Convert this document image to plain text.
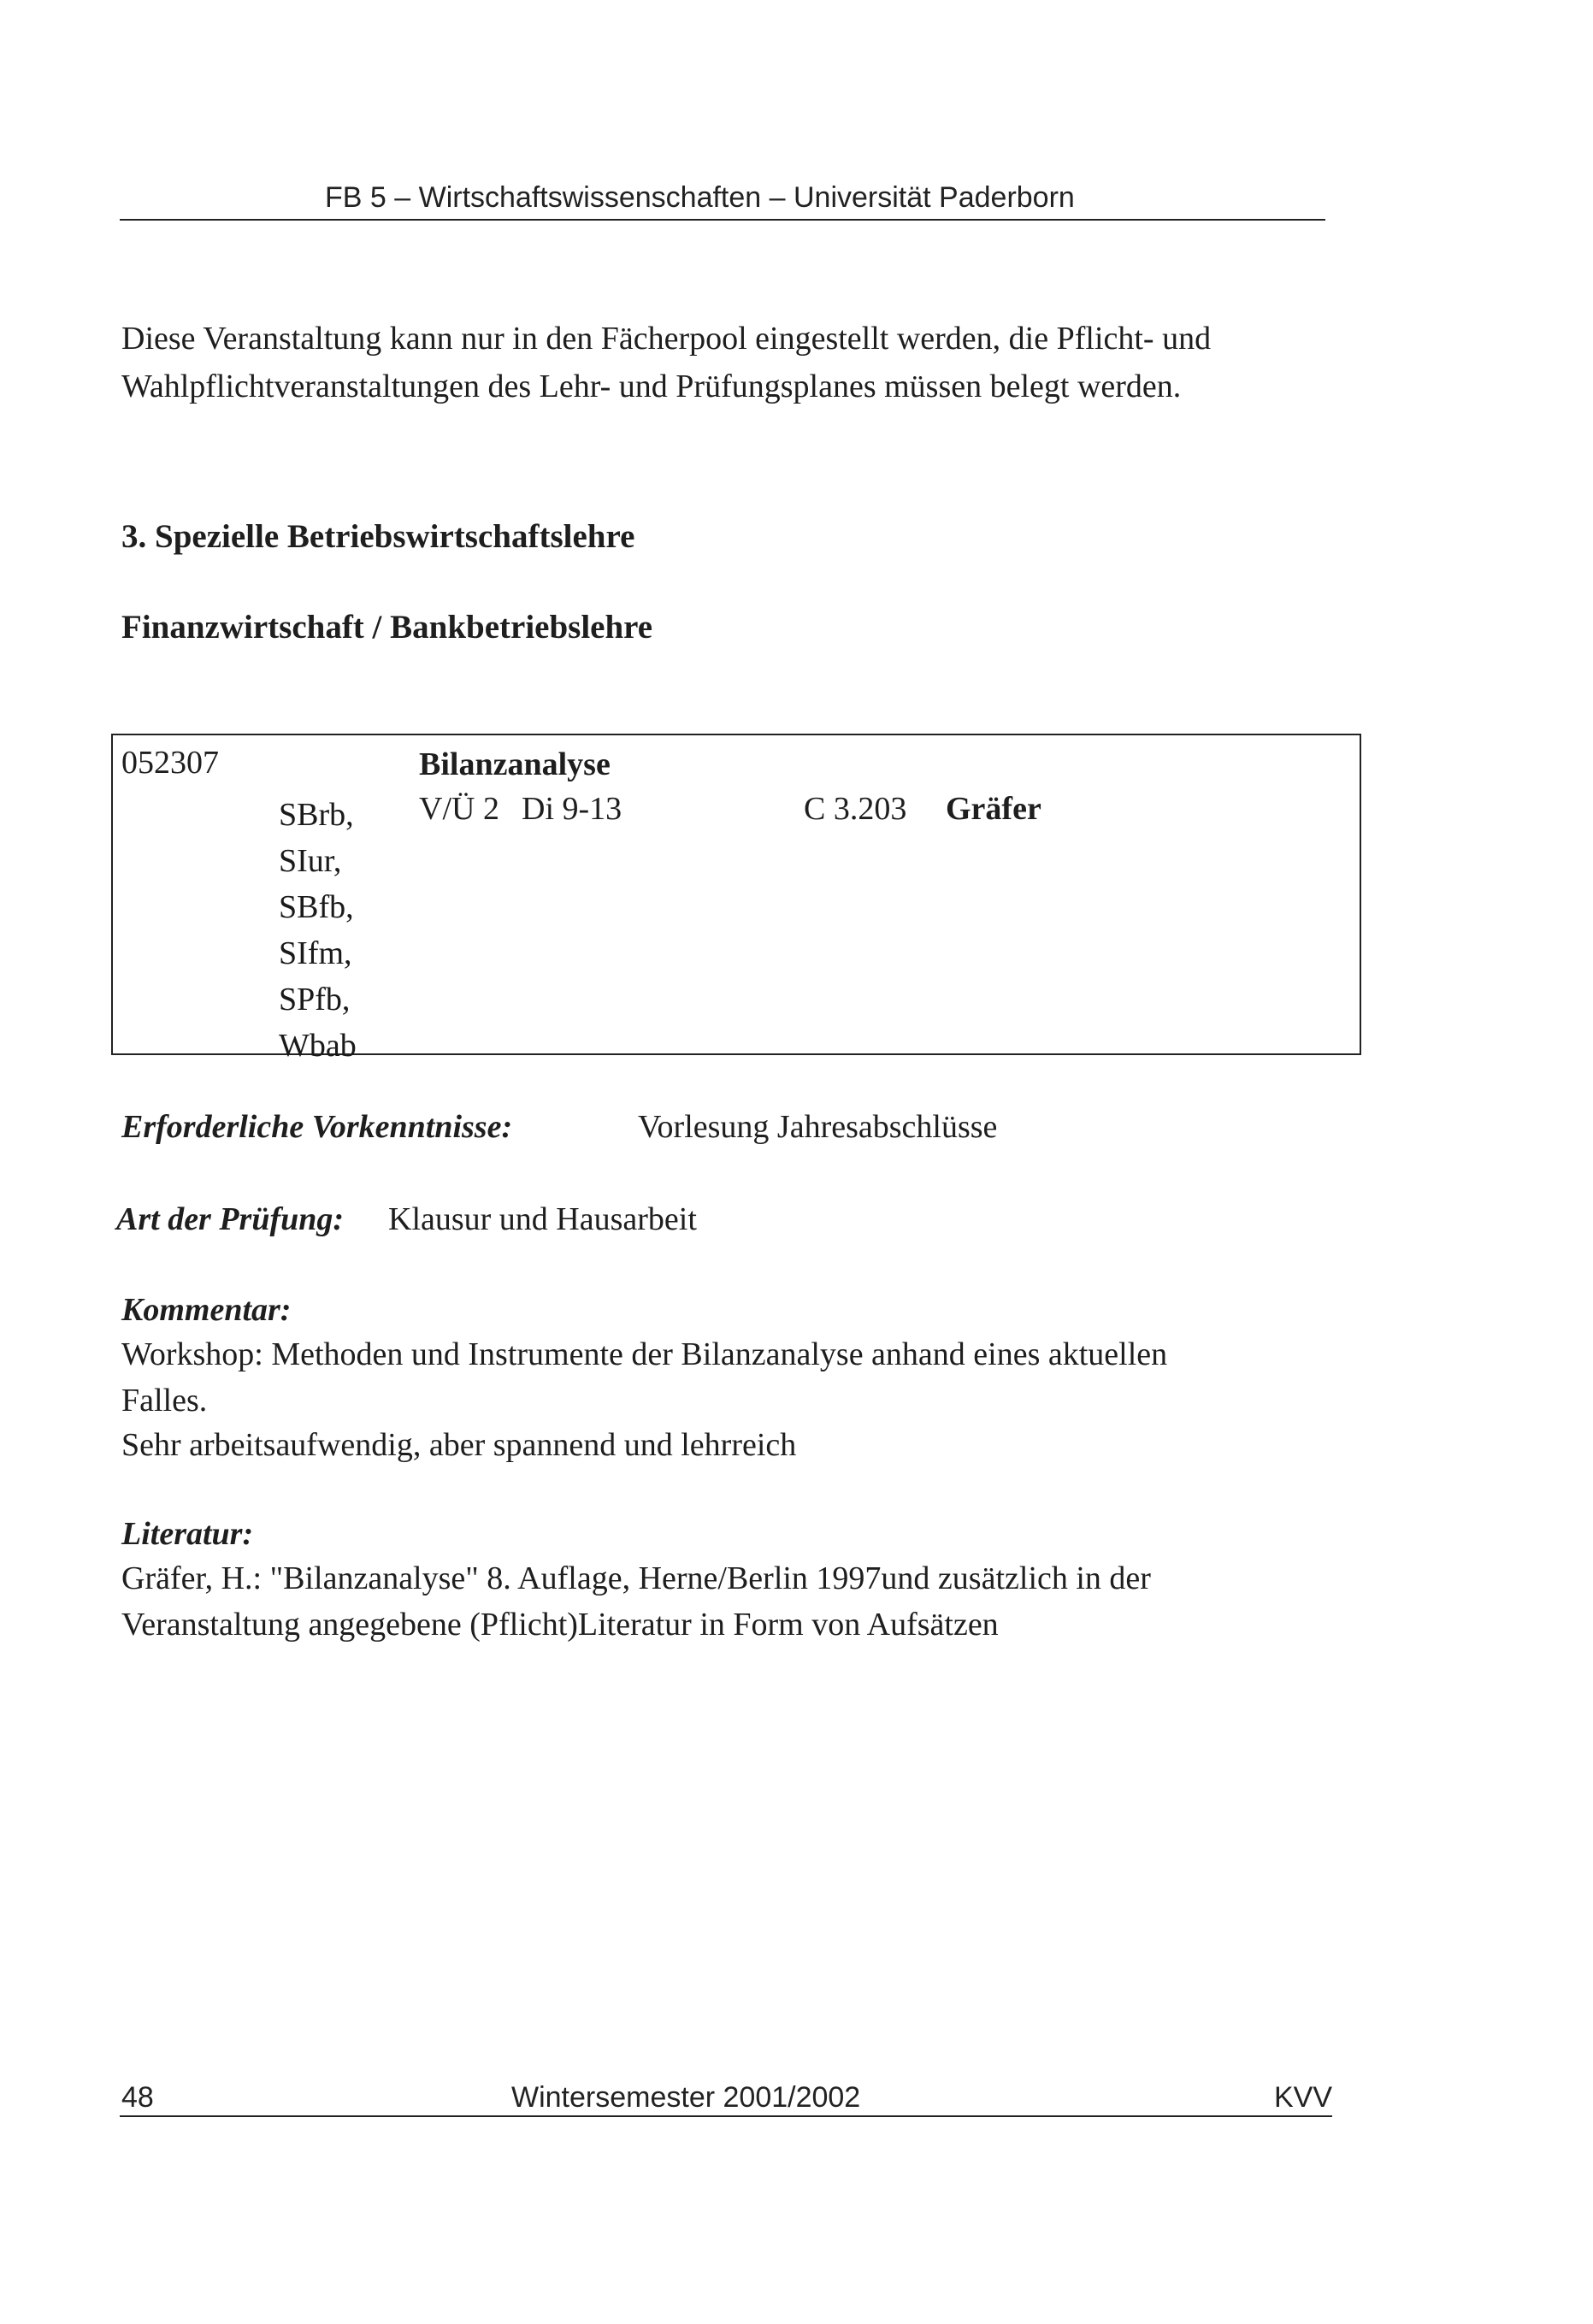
FB 5 – Wirtschaftswissenschaften – Universität Paderborn
Diese Veranstaltung kann nur in den Fächerpool eingestellt werden, die Pflicht- und
Wahlpflichtveranstaltungen des Lehr- und Prüfungsplanes müssen belegt werden.
3. Spezielle Betriebswirtschaftslehre
Finanzwirtschaft / Bankbetriebslehre
052307	Bilanzanalyse
V/Ü 2 Di 9-13	C 3.203 Gräfer
SBrb,
SIur,
SBfb,
SIfm,
SPfb,
Wbab
Erforderliche Vorkenntnisse:	Vorlesung Jahresabschlüsse
Art der Prüfung: Klausur und Hausarbeit
Kommentar:
Workshop: Methoden und Instrumente der Bilanzanalyse anhand eines aktuellen
Falles.
Sehr arbeitsaufwendig, aber spannend und lehrreich
Literatur:
Gräfer, H.: "Bilanzanalyse" 8. Auflage, Herne/Berlin 1997und zusätzlich in der
Veranstaltung angegebene (Pflicht)Literatur in Form von Aufsätzen
48	Wintersemester 2001/2002	KVV
